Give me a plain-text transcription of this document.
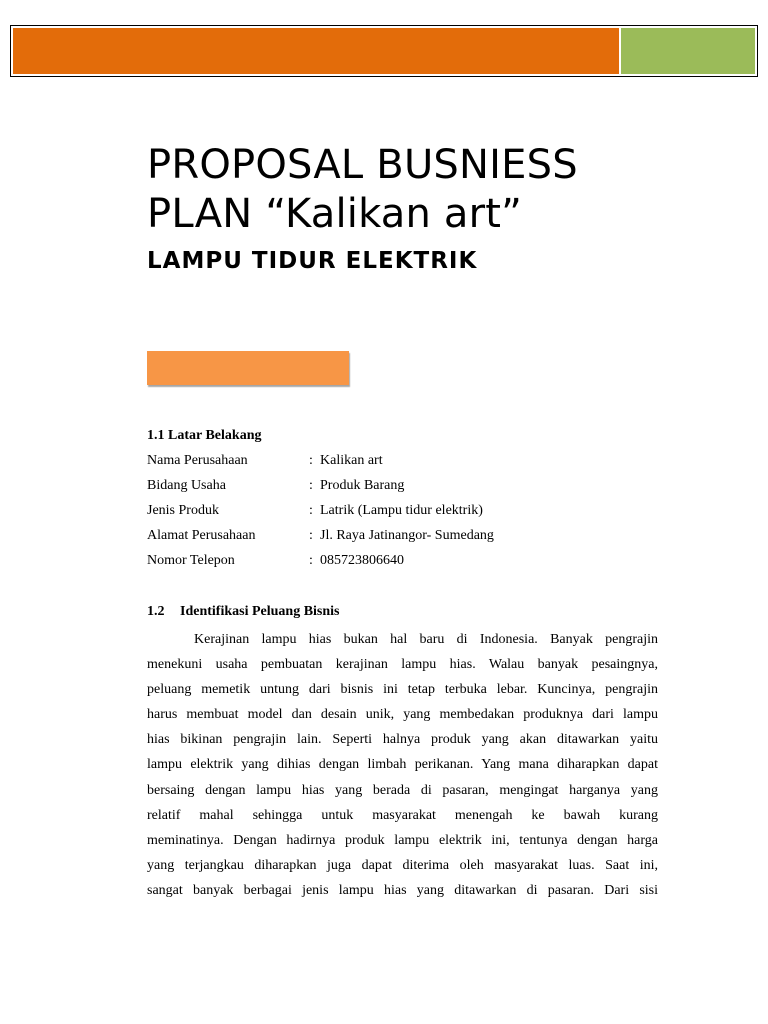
PROPOSAL BUSNIESS
PLAN “Kalikan art”
LAMPU TIDUR ELEKTRIK
1.1 Latar Belakang
Nama Perusahaan	: Kalikan art
Bidang Usaha	: Produk Barang
Jenis Produk	: Latrik (Lampu tidur elektrik)
Alamat Perusahaan	: Jl. Raya Jatinangor- Sumedang
Nomor Telepon	: 085723806640
1.2 Identifikasi Peluang Bisnis

Kerajinan lampu hias bukan hal baru di Indonesia. Banyak pengrajin
menekuni usaha pembuatan kerajinan lampu hias. Walau banyak pesaingnya,
peluang memetik untung dari bisnis ini tetap terbuka lebar. Kuncinya, pengrajin
harus membuat model dan desain unik, yang membedakan produknya dari lampu
hias bikinan pengrajin lain. Seperti halnya produk yang akan ditawarkan yaitu
lampu elektrik yang dihias dengan limbah perikanan. Yang mana diharapkan dapat
bersaing dengan lampu hias yang berada di pasaran, mengingat harganya yang
relatif mahal sehingga untuk masyarakat menengah ke bawah kurang
meminatinya. Dengan hadirnya produk lampu elektrik ini, tentunya dengan harga
yang terjangkau diharapkan juga dapat diterima oleh masyarakat luas. Saat ini,
sangat banyak berbagai jenis lampu hias yang ditawarkan di pasaran. Dari sisi
